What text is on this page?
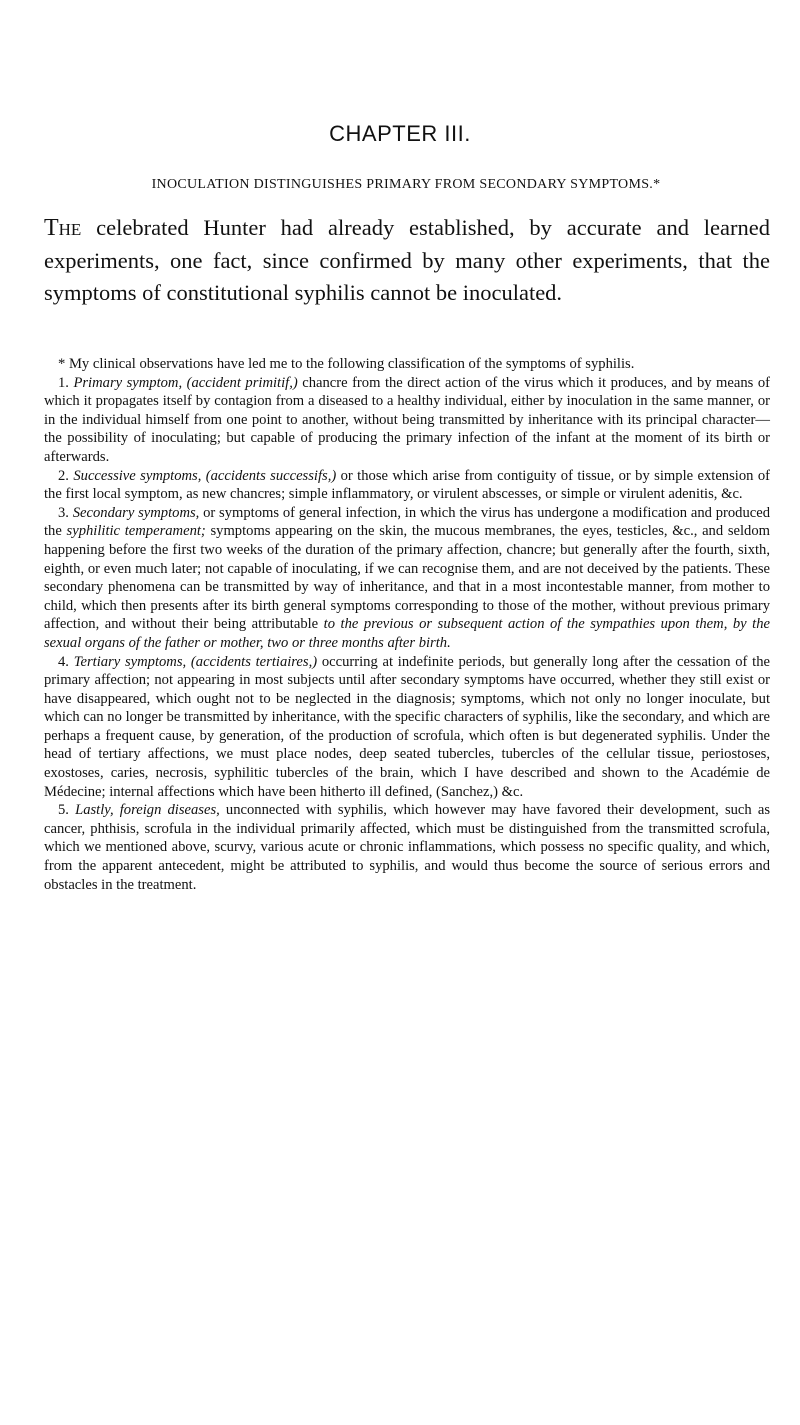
CHAPTER III.
INOCULATION DISTINGUISHES PRIMARY FROM SECONDARY SYMPTOMS.*
The celebrated Hunter had already established, by accurate and learned experiments, one fact, since confirmed by many other experiments, that the symptoms of constitutional syphilis cannot be inoculated.

* My clinical observations have led me to the following classification of the symptoms of syphilis.

1. Primary symptom, (accident primitif,) chancre from the direct action of the virus which it produces, and by means of which it propagates itself by contagion from a diseased to a healthy individual, either by inoculation in the same manner, or in the individual himself from one point to another, without being transmitted by inheritance with its principal character—the possibility of inoculating; but capable of producing the primary infection of the infant at the moment of its birth or afterwards.

2. Successive symptoms, (accidents successifs,) or those which arise from contiguity of tissue, or by simple extension of the first local symptom, as new chancres; simple inflammatory, or virulent abscesses, or simple or virulent adenitis, &c.

3. Secondary symptoms, or symptoms of general infection, in which the virus has undergone a modification and produced the syphilitic temperament; symptoms appearing on the skin, the mucous membranes, the eyes, testicles, &c., and seldom happening before the first two weeks of the duration of the primary affection, chancre; but generally after the fourth, sixth, eighth, or even much later; not capable of inoculating, if we can recognise them, and are not deceived by the patients. These secondary phenomena can be transmitted by way of inheritance, and that in a most incontestable manner, from mother to child, which then presents after its birth general symptoms corresponding to those of the mother, without previous primary affection, and without their being attributable to the previous or subsequent action of the sympathies upon them, by the sexual organs of the father or mother, two or three months after birth.

4. Tertiary symptoms, (accidents tertiaires,) occurring at indefinite periods, but generally long after the cessation of the primary affection; not appearing in most subjects until after secondary symptoms have occurred, whether they still exist or have disappeared, which ought not to be neglected in the diagnosis; symptoms, which not only no longer inoculate, but which can no longer be transmitted by inheritance, with the specific characters of syphilis, like the secondary, and which are perhaps a frequent cause, by generation, of the production of scrofula, which often is but degenerated syphilis. Under the head of tertiary affections, we must place nodes, deep seated tubercles, tubercles of the cellular tissue, periostoses, exostoses, caries, necrosis, syphilitic tubercles of the brain, which I have described and shown to the Académie de Médecine; internal affections which have been hitherto ill defined, (Sanchez,) &c.

5. Lastly, foreign diseases, unconnected with syphilis, which however may have favored their development, such as cancer, phthisis, scrofula in the individual primarily affected, which must be distinguished from the transmitted scrofula, which we mentioned above, scurvy, various acute or chronic inflammations, which possess no specific quality, and which, from the apparent antecedent, might be attributed to syphilis, and would thus become the source of serious errors and obstacles in the treatment.
